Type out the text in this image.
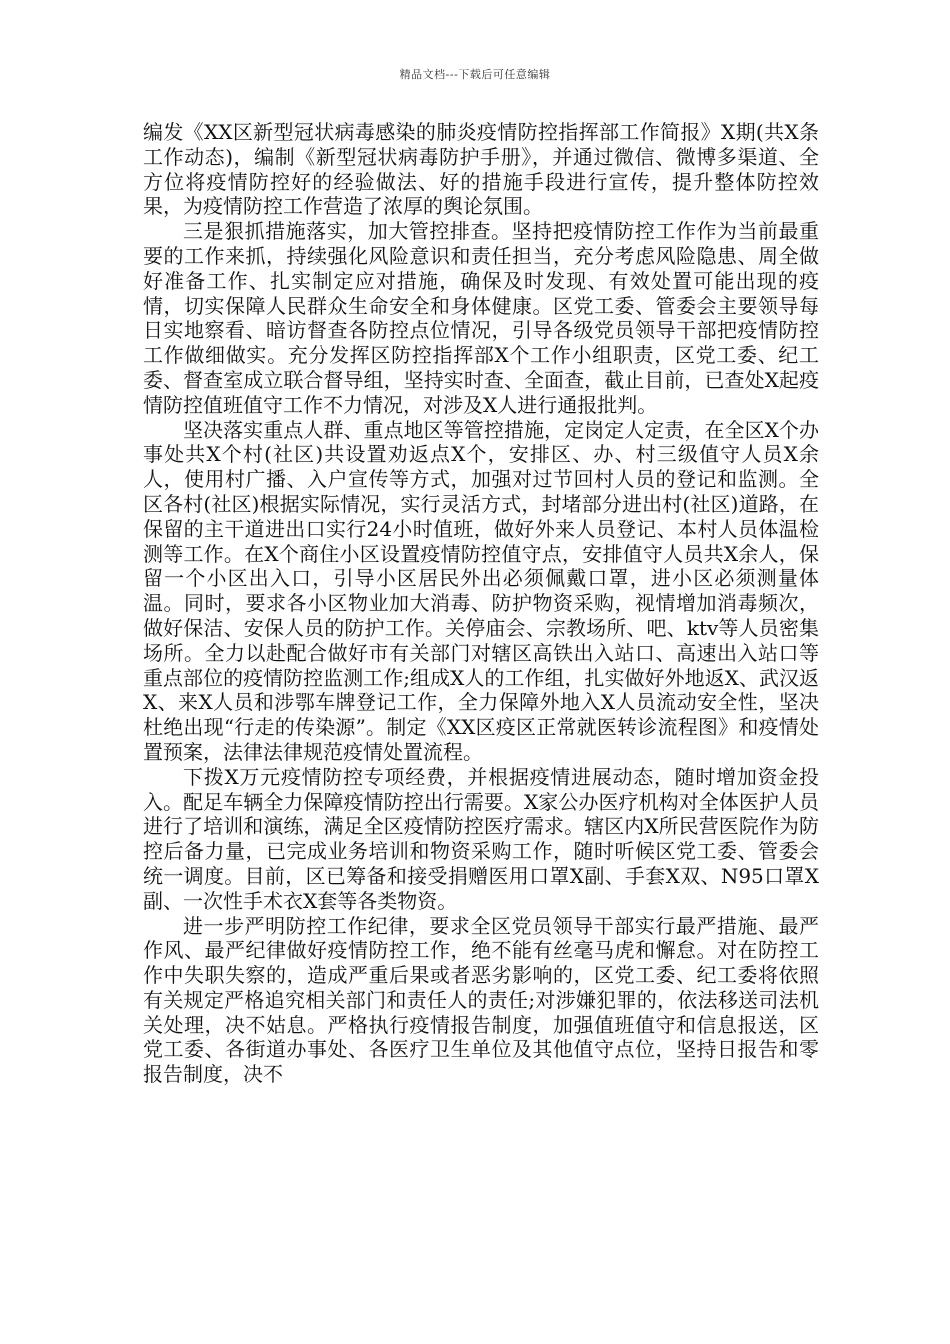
精品文档---下载后可任意编辑

编发《XX区新型冠状病毒感染的肺炎疫情防控指挥部工作简报》X期(共X条工作动态)，编制《新型冠状病毒防护手册》，并通过微信、微博多渠道、全方位将疫情防控好的经验做法、好的措施手段进行宣传，提升整体防控效果，为疫情防控工作营造了浓厚的舆论氛围。

三是狠抓措施落实，加大管控排查。坚持把疫情防控工作作为当前最重要的工作来抓，持续强化风险意识和责任担当，充分考虑风险隐患、周全做好准备工作、扎实制定应对措施，确保及时发现、有效处置可能出现的疫情，切实保障人民群众生命安全和身体健康。区党工委、管委会主要领导每日实地察看、暗访督查各防控点位情况，引导各级党员领导干部把疫情防控工作做细做实。充分发挥区防控指挥部X个工作小组职责，区党工委、纪工委、督查室成立联合督导组，坚持实时查、全面查，截止目前，已查处X起疫情防控值班值守工作不力情况，对涉及X人进行通报批判。

坚决落实重点人群、重点地区等管控措施，定岗定人定责，在全区X个办事处共X个村(社区)共设置劝返点X个，安排区、办、村三级值守人员X余人，使用村广播、入户宣传等方式，加强对过节回村人员的登记和监测。全区各村(社区)根据实际情况，实行灵活方式，封堵部分进出村(社区)道路，在保留的主干道进出口实行24小时值班，做好外来人员登记、本村人员体温检测等工作。在X个商住小区设置疫情防控值守点，安排值守人员共X余人，保留一个小区出入口，引导小区居民外出必须佩戴口罩，进小区必须测量体温。同时，要求各小区物业加大消毒、防护物资采购，视情增加消毒频次，做好保洁、安保人员的防护工作。关停庙会、宗教场所、吧、ktv等人员密集场所。全力以赴配合做好市有关部门对辖区高铁出入站口、高速出入站口等重点部位的疫情防控监测工作;组成X人的工作组，扎实做好外地返X、武汉返X、来X人员和涉鄂车牌登记工作，全力保障外地入X人员流动安全性，坚决杜绝出现“行走的传染源”。制定《XX区疫区正常就医转诊流程图》和疫情处置预案，法律法律规范疫情处置流程。

下拨X万元疫情防控专项经费，并根据疫情进展动态，随时增加资金投入。配足车辆全力保障疫情防控出行需要。X家公办医疗机构对全体医护人员进行了培训和演练，满足全区疫情防控医疗需求。辖区内X所民营医院作为防控后备力量，已完成业务培训和物资采购工作，随时听候区党工委、管委会统一调度。目前，区已筹备和接受捐赠医用口罩X副、手套X双、N95口罩X副、一次性手术衣X套等各类物资。

进一步严明防控工作纪律，要求全区党员领导干部实行最严措施、最严作风、最严纪律做好疫情防控工作，绝不能有丝毫马虎和懈怠。对在防控工作中失职失察的，造成严重后果或者恶劣影响的，区党工委、纪工委将依照有关规定严格追究相关部门和责任人的责任;对涉嫌犯罪的，依法移送司法机关处理，决不姑息。严格执行疫情报告制度，加强值班值守和信息报送，区党工委、各街道办事处、各医疗卫生单位及其他值守点位，坚持日报告和零报告制度，决不
